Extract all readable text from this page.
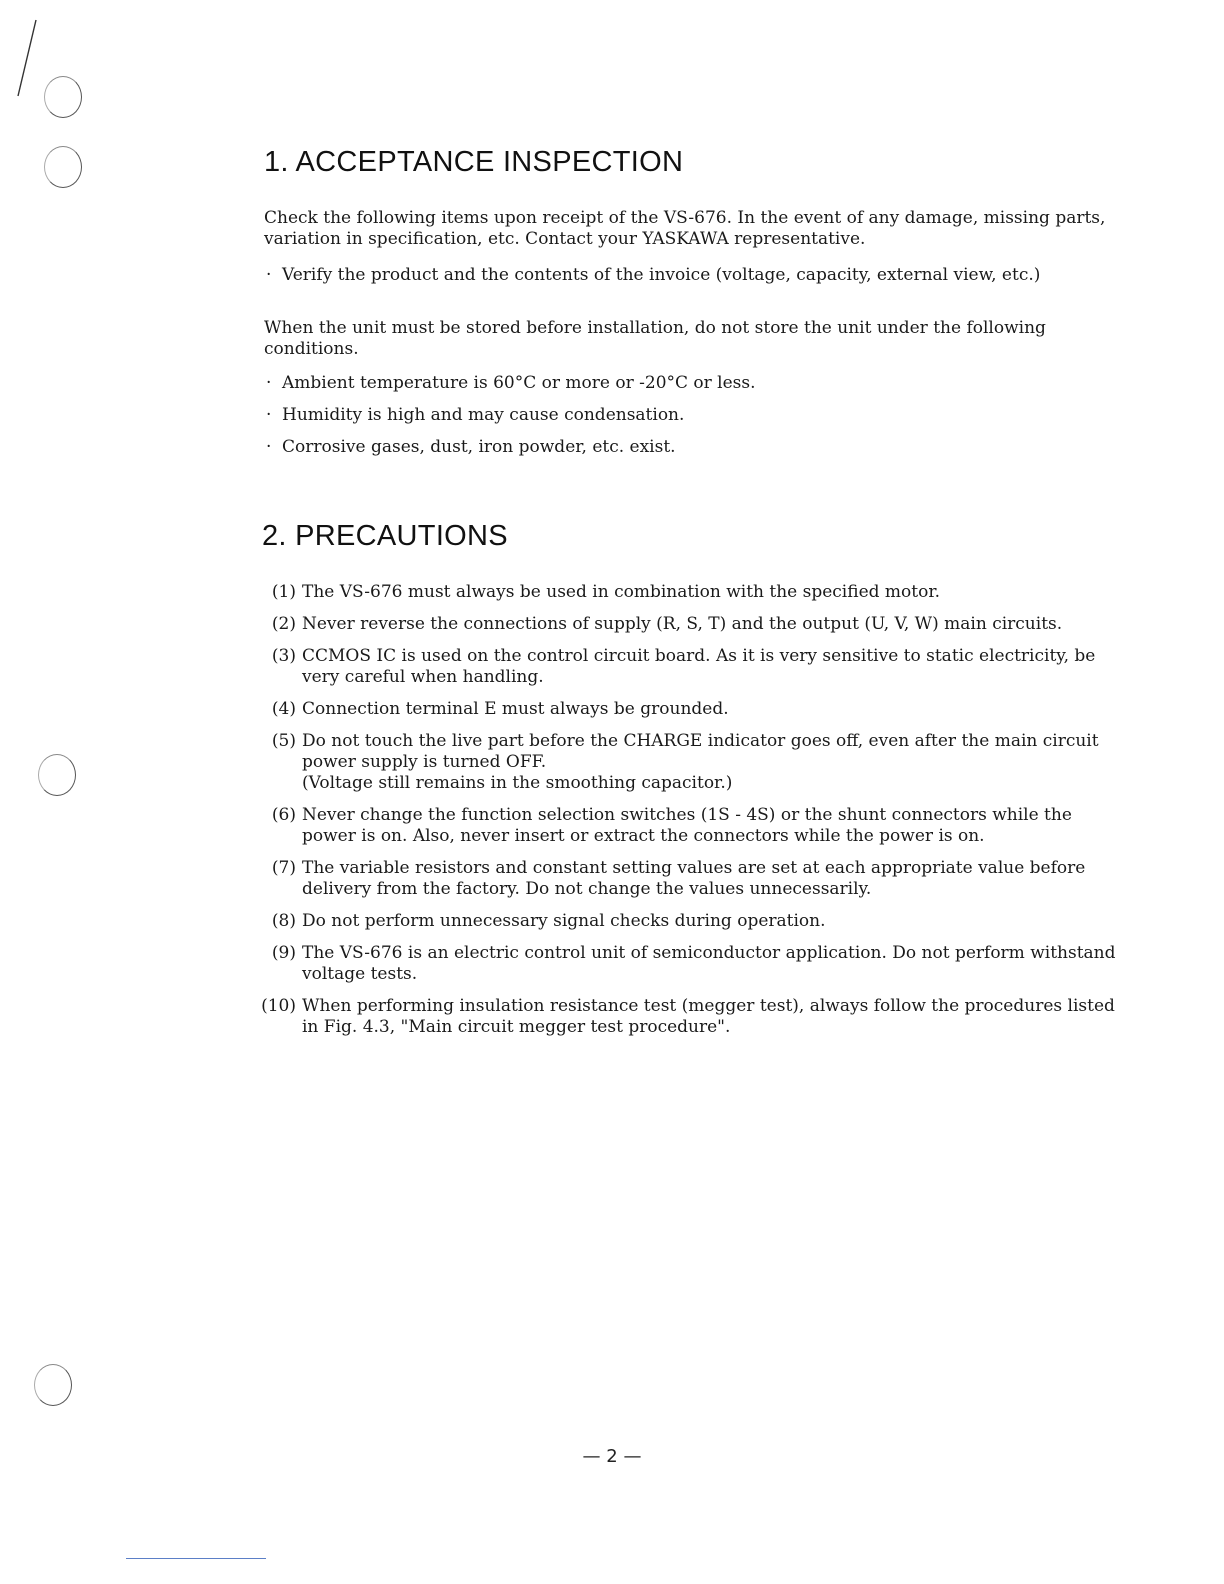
1. ACCEPTANCE INSPECTION

Check the following items upon receipt of the VS-676. In the event of any damage, missing parts, variation in specification, etc. Contact your YASKAWA representative.

· Verify the product and the contents of the invoice (voltage, capacity, external view, etc.)

When the unit must be stored before installation, do not store the unit under the following conditions.

· Ambient temperature is 60°C or more or -20°C or less.
· Humidity is high and may cause condensation.
· Corrosive gases, dust, iron powder, etc. exist.
2. PRECAUTIONS
(1) The VS-676 must always be used in combination with the specified motor.
(2) Never reverse the connections of supply (R, S, T) and the output (U, V, W) main circuits.
(3) CCMOS IC is used on the control circuit board. As it is very sensitive to static electricity, be very careful when handling.
(4) Connection terminal E must always be grounded.
(5) Do not touch the live part before the CHARGE indicator goes off, even after the main circuit power supply is turned OFF.
(Voltage still remains in the smoothing capacitor.)
(6) Never change the function selection switches (1S - 4S) or the shunt connectors while the power is on. Also, never insert or extract the connectors while the power is on.
(7) The variable resistors and constant setting values are set at each appropriate value before delivery from the factory. Do not change the values unnecessarily.
(8) Do not perform unnecessary signal checks during operation.
(9) The VS-676 is an electric control unit of semiconductor application. Do not perform withstand voltage tests.
(10) When performing insulation resistance test (megger test), always follow the procedures listed in Fig. 4.3, "Main circuit megger test procedure".
— 2 —
